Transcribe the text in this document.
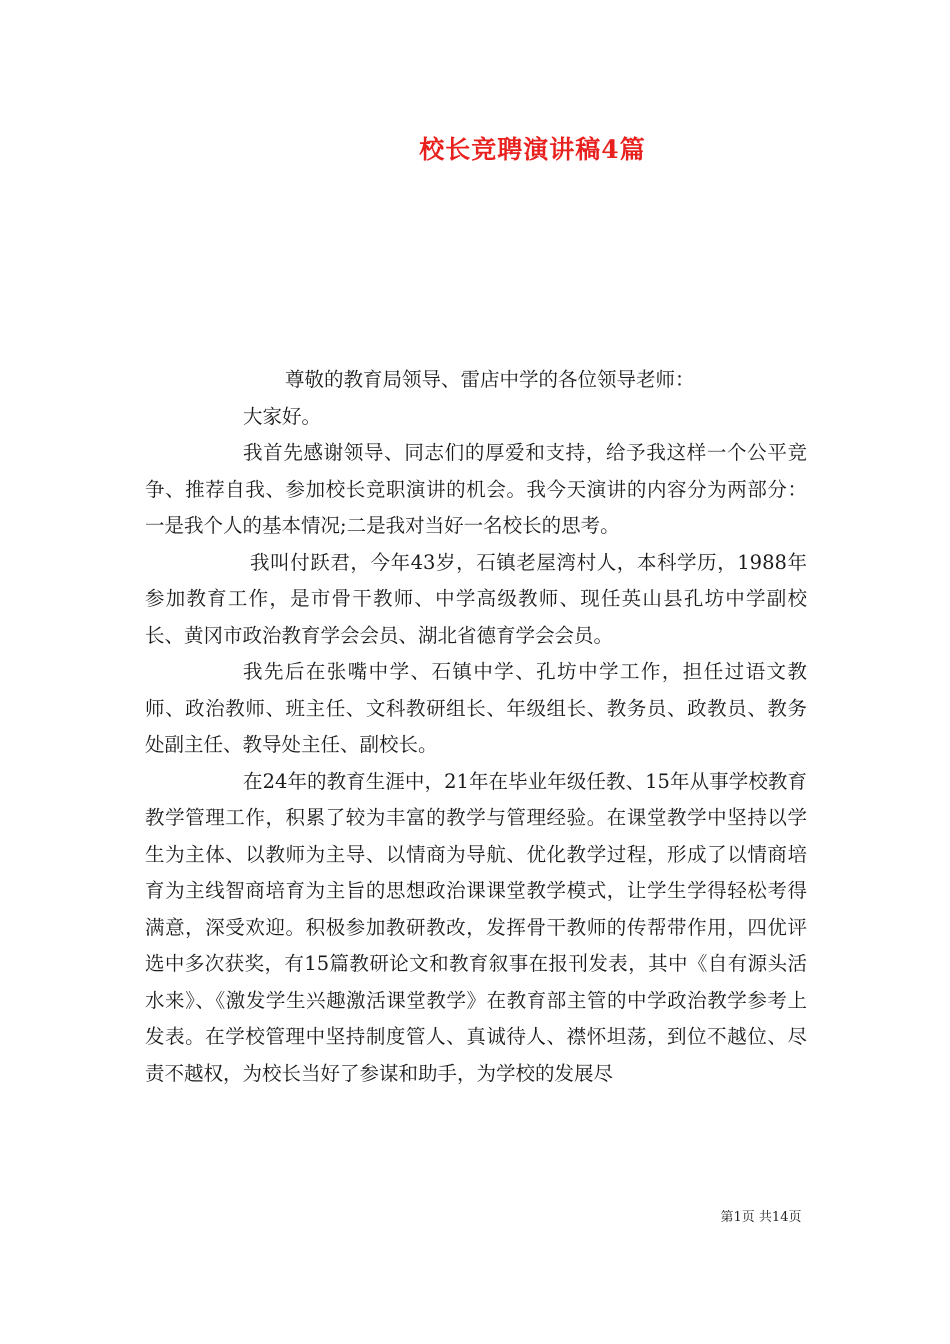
校长竞聘演讲稿4篇

尊敬的教育局领导、雷店中学的各位领导老师：

大家好。

我首先感谢领导、同志们的厚爱和支持，给予我这样一个公平竞争、推荐自我、参加校长竞职演讲的机会。我今天演讲的内容分为两部分：一是我个人的基本情况;二是我对当好一名校长的思考。

我叫付跃君，今年43岁，石镇老屋湾村人，本科学历，1988年参加教育工作，是市骨干教师、中学高级教师、现任英山县孔坊中学副校长、黄冈市政治教育学会会员、湖北省德育学会会员。

我先后在张嘴中学、石镇中学、孔坊中学工作，担任过语文教师、政治教师、班主任、文科教研组长、年级组长、教务员、政教员、教务处副主任、教导处主任、副校长。

在24年的教育生涯中，21年在毕业年级任教、15年从事学校教育教学管理工作，积累了较为丰富的教学与管理经验。在课堂教学中坚持以学生为主体、以教师为主导、以情商为导航、优化教学过程，形成了以情商培育为主线智商培育为主旨的思想政治课课堂教学模式，让学生学得轻松考得满意，深受欢迎。积极参加教研教改，发挥骨干教师的传帮带作用，四优评选中多次获奖，有15篇教研论文和教育叙事在报刊发表，其中《自有源头活水来》、《激发学生兴趣激活课堂教学》在教育部主管的中学政治教学参考上发表。在学校管理中坚持制度管人、真诚待人、襟怀坦荡，到位不越位、尽责不越权，为校长当好了参谋和助手，为学校的发展尽

第1页 共14页
